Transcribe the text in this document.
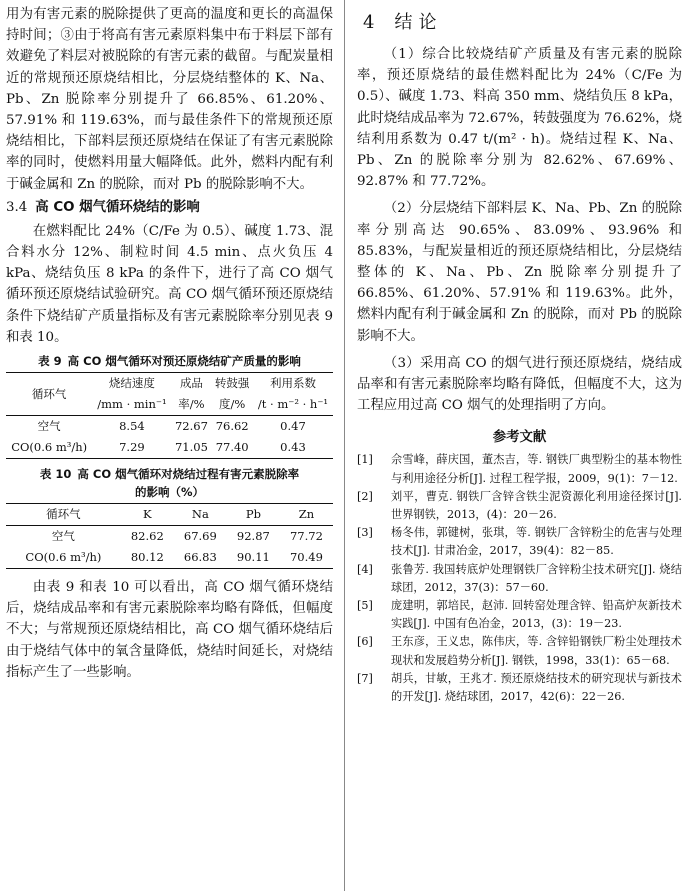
用为有害元素的脱除提供了更高的温度和更长的高温保持时间；③由于将高有害元素原料集中布于料层下部有效避免了料层对被脱除的有害元素的截留。与配炭量相近的常规预还原烧结相比，分层烧结整体的 K、Na、Pb、Zn 脱除率分别提升了 66.85%、61.20%、57.91% 和 119.63%，而与最佳条件下的常规预还原烧结相比，下部料层预还原烧结在保证了有害元素脱除率的同时，使燃料用量大幅降低。此外，燃料内配有利于碱金属和 Zn 的脱除，而对 Pb 的脱除影响不大。

3.4 高 CO 烟气循环烧结的影响

在燃料配比 24%（C/Fe 为 0.5）、碱度 1.73、混合料水分 12%、制粒时间 4.5 min、点火负压 4 kPa、烧结负压 8 kPa 的条件下，进行了高 CO 烟气循环预还原烧结试验研究。高 CO 烟气循环预还原烧结条件下烧结矿产质量指标及有害元素脱除率分别见表 9 和表 10。

表 9 高 CO 烟气循环对预还原烧结矿产质量的影响
循环气	烧结速度	成品	转鼓强	利用系数
	/mm · min⁻¹	率/%	度/%	/t · m⁻² · h⁻¹
空气	8.54	72.67	76.62	0.47
CO(0.6 m³/h)	7.29	71.05	77.40	0.43
表 10 高 CO 烟气循环对烧结过程有害元素脱除率
的影响（%）
循环气	K	Na	Pb	Zn
空气	82.62	67.69	92.87	77.72
CO(0.6 m³/h)	80.12	66.83	90.11	70.49

由表 9 和表 10 可以看出，高 CO 烟气循环烧结后，烧结成品率和有害元素脱除率均略有降低，但幅度不大；与常规预还原烧结相比，高 CO 烟气循环烧结后由于烧结气体中的氧含量降低，烧结时间延长，对烧结指标产生了一些影响。

4 结论

（1）综合比较烧结矿产质量及有害元素的脱除率，预还原烧结的最佳燃料配比为 24%（C/Fe 为 0.5）、碱度 1.73、料高 350 mm、烧结负压 8 kPa，此时烧结成品率为 72.67%，转鼓强度为 76.62%，烧结利用系数为 0.47 t/(m² · h)。烧结过程 K、Na、Pb、Zn 的脱除率分别为 82.62%、67.69%、92.87% 和 77.72%。

（2）分层烧结下部料层 K、Na、Pb、Zn 的脱除率分别高达 90.65%、83.09%、93.96% 和 85.83%，与配炭量相近的预还原烧结相比，分层烧结整体的 K、Na、Pb、Zn 脱除率分别提升了 66.85%、61.20%、57.91% 和 119.63%。此外，燃料内配有利于碱金属和 Zn 的脱除，而对 Pb 的脱除影响不大。

（3）采用高 CO 的烟气进行预还原烧结，烧结成品率和有害元素脱除率均略有降低，但幅度不大，这为工程应用过高 CO 烟气的处理指明了方向。

参考文献
[1]	佘雪峰，薛庆国，董杰吉，等. 钢铁厂典型粉尘的基本物性与利用途径分析[J]. 过程工程学报，2009，9(1)：7－12.
[2]	刘平，曹克. 钢铁厂含锌含铁尘泥资源化利用途径探讨[J]. 世界钢铁，2013，(4)：20－26.
[3]	杨冬伟，郭键树，张琪，等. 钢铁厂含锌粉尘的危害与处理技术[J]. 甘肃冶金，2017，39(4)：82－85.
[4]	张鲁芳. 我国转底炉处理钢铁厂含锌粉尘技术研究[J]. 烧结球团，2012，37(3)：57－60.
[5]	庞建明，郭培民，赵沛. 回转窑处理含锌、铅高炉灰新技术实践[J]. 中国有色冶金，2013，(3)：19－23.
[6]	王东彦，王义忠，陈伟庆，等. 含锌铅钢铁厂粉尘处理技术现状和发展趋势分析[J]. 钢铁，1998，33(1)：65－68.
[7]	胡兵，甘敏，王兆才. 预还原烧结技术的研究现状与新技术的开发[J]. 烧结球团，2017，42(6)：22－26.
